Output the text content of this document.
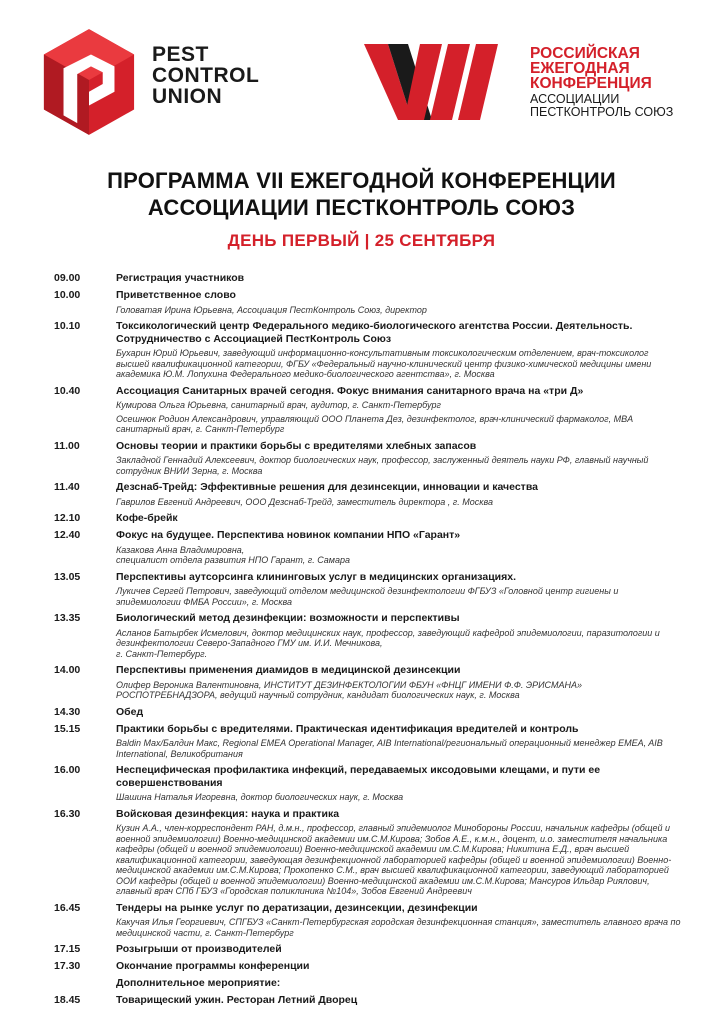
PEST
CONTROL
UNION
РОССИЙСКАЯ
ЕЖЕГОДНАЯ
КОНФЕРЕНЦИЯ
АССОЦИАЦИИ
ПЕСТКОНТРОЛЬ СОЮЗ
ПРОГРАММА VII ЕЖЕГОДНОЙ КОНФЕРЕНЦИИ
АССОЦИАЦИИ ПЕСТКОНТРОЛЬ СОЮЗ
ДЕНЬ ПЕРВЫЙ | 25 СЕНТЯБРЯ
09.00	Регистрация участников
10.00	Приветственное слово
Головатая Ирина Юрьевна, Ассоциация ПестКонтроль Союз, директор
10.10	Токсикологический центр Федерального медико-биологического агентства России. Деятельность. Сотрудничество с Ассоциацией ПестКонтроль Союз
Бухарин Юрий Юрьевич, заведующий информационно-консультативным токсикологическим отделением, врач-токсиколог высшей квалификационной категории, ФГБУ «Федеральный научно-клинический центр физико-химической медицины имени академика Ю.М. Лопухина Федерального медико-биологического агентства», г. Москва
10.40	Ассоциация Санитарных врачей сегодня. Фокус внимания санитарного врача на «три Д»
Кумирова Ольга Юрьевна, санитарный врач, аудитор, г. Санкт-Петербург
Осешнюк Родион Александрович, управляющий ООО Планета Дез, дезинфектолог, врач-клинический фармаколог, MBA санитарный врач, г. Санкт-Петербург
11.00	Основы теории и практики борьбы с вредителями хлебных запасов
Закладной Геннадий Алексеевич, доктор биологических наук, профессор, заслуженный деятель науки РФ, главный научный сотрудник ВНИИ Зерна, г. Москва
11.40	Дезснаб-Трейд: Эффективные решения для дезинсекции, инновации и качества
Гаврилов Евгений Андреевич, ООО Дезснаб-Трейд, заместитель директора , г. Москва
12.10	Кофе-брейк
12.40	Фокус на будущее. Перспектива новинок компании НПО «Гарант»
Казакова Анна Владимировна,
специалист отдела развития НПО Гарант, г. Самара
13.05	Перспективы аутсорсинга клининговых услуг в медицинских организациях.
Лукичев Сергей Петрович, заведующий отделом медицинской дезинфектологии ФГБУЗ «Головной центр гигиены и эпидемиологии ФМБА России», г. Москва
13.35	Биологический метод дезинфекции: возможности и перспективы
Асланов Батырбек Исмелович, доктор медицинских наук, профессор, заведующий кафедрой эпидемиологии, паразитологии и дезинфектологии Северо-Западного ГМУ им. И.И. Мечникова,
г. Санкт-Петербург.
14.00	Перспективы применения диамидов в медицинской дезинсекции
Олифер Вероника Валентиновна, ИНСТИТУТ ДЕЗИНФЕКТОЛОГИИ ФБУН «ФНЦГ ИМЕНИ Ф.Ф. ЭРИСМАНА» РОСПОТРЕБНАДЗОРА, ведущий научный сотрудник, кандидат биологических наук, г. Москва
14.30	Обед
15.15	Практики борьбы с вредителями. Практическая идентификация вредителей и контроль
Baldin Max/Балдин Макс, Regional EMEA Operational Manager, AIB International/региональный операционный менеджер EMEA, AIB International, Великобритания
16.00	Неспецифическая профилактика инфекций, передаваемых иксодовыми клещами, и пути ее совершенствования
Шашина Наталья Игоревна, доктор биологических наук, г. Москва
16.30	Войсковая дезинфекция: наука и практика
Кузин А.А., член-корреспондент РАН, д.м.н., профессор, главный эпидемиолог Минобороны России, начальник кафедры (общей и военной эпидемиологии) Военно-медицинской академии им.С.М.Кирова; Зобов А.Е., к.м.н., доцент, и.о. заместителя начальника кафедры (общей и военной эпидемиологии) Военно-медицинской академии им.С.М.Кирова; Никитина Е.Д., врач высшей квалификационной категории, заведующая дезинфекционной лабораторией кафедры (общей и военной эпидемиологии) Военно-медицинской академии им.С.М.Кирова; Прокопенко С.М., врач высшей квалификационной категории, заведующий лабораторией ООИ кафедры (общей и военной эпидемиологии) Военно-медицинской академии им.С.М.Кирова; Мансуров Ильдар Риялович, главный врач СПб ГБУЗ «Городская поликлиника №104», Зобов Евгений Андреевич
16.45	Тендеры на рынке услуг по дератизации, дезинсекции, дезинфекции
Какучая Илья Георгиевич, СПГБУЗ «Санкт-Петербургская городская дезинфекционная станция», заместитель главного врача по медицинской части, г. Санкт-Петербург
17.15	Розыгрыши от производителей
17.30	Окончание программы конференции
Дополнительное мероприятие:
18.45	Товарищеский ужин. Ресторан Летний Дворец
